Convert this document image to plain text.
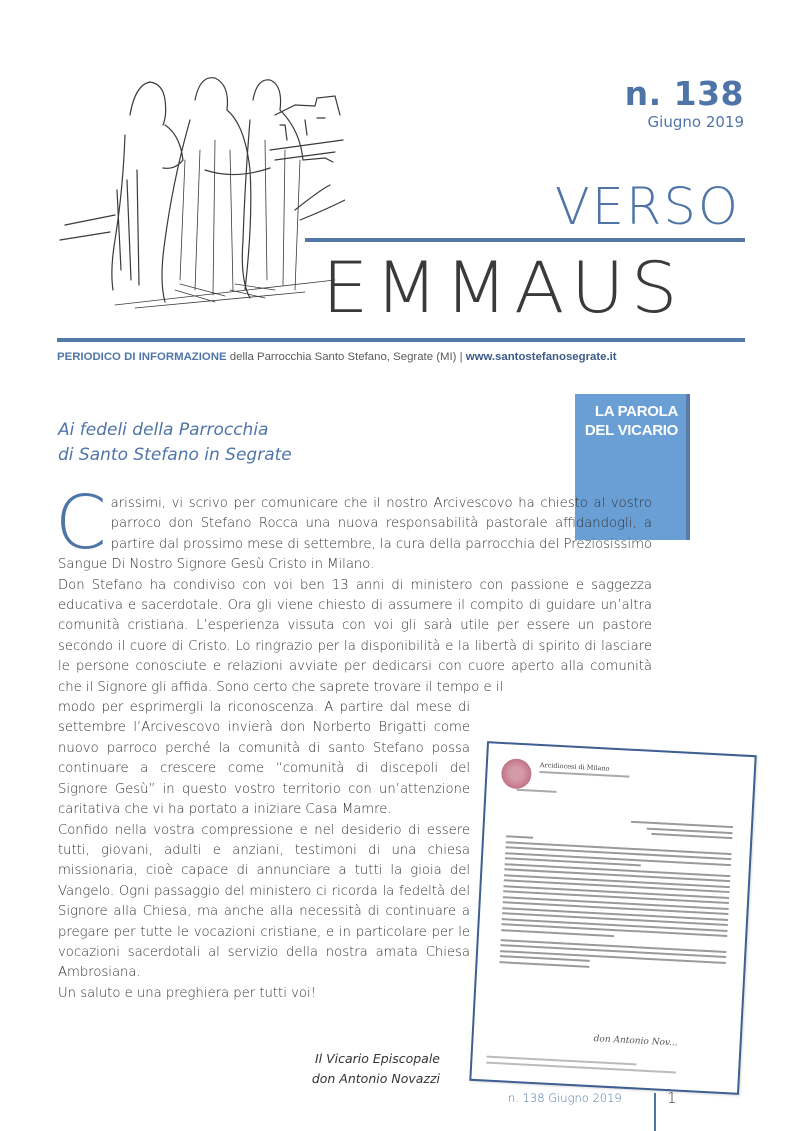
n. 138
Giugno 2019
VERSO
EMMAUS
PERIODICO DI INFORMAZIONE della Parrocchia Santo Stefano, Segrate (MI) | www.santostefanosegrate.it
LA PAROLA
DEL VICARIO
Ai fedeli della Parrocchia
di Santo Stefano in Segrate
C arissimi, vi scrivo per comunicare che il nostro Arcivescovo ha chiesto al vostro parroco don Stefano Rocca una nuova responsabilità pastorale affidandogli, a partire dal prossimo mese di settembre, la cura della parrocchia del Preziosissimo Sangue Di Nostro Signore Gesù Cristo in Milano.

Don Stefano ha condiviso con voi ben 13 anni di ministero con passione e saggezza educativa e sacerdotale. Ora gli viene chiesto di assumere il compito di guidare un’altra comunità cristiana. L’esperienza vissuta con voi gli sarà utile per essere un pastore secondo il cuore di Cristo. Lo ringrazio per la disponibilità e la libertà di spirito di lasciare le persone conosciute e relazioni avviate per dedicarsi con cuore aperto alla comunità che il Signore gli affida. Sono certo che saprete trovare il tempo e il

modo per esprimergli la riconoscenza. A partire dal mese di settembre l’Arcivescovo invierà don Norberto Brigatti come nuovo parroco perché la comunità di santo Stefano possa continuare a crescere come “comunità di discepoli del Signore Gesù” in questo vostro territorio con un’attenzione caritativa che vi ha portato a iniziare Casa Mamre.

Confido nella vostra compressione e nel desiderio di essere tutti, giovani, adulti e anziani, testimoni di una chiesa missionaria, cioè capace di annunciare a tutti la gioia del Vangelo. Ogni passaggio del ministero ci ricorda la fedeltà del Signore alla Chiesa, ma anche alla necessità di continuare a pregare per tutte le vocazioni cristiane, e in particolare per le vocazioni sacerdotali al servizio della nostra amata Chiesa Ambrosiana.

Un saluto e una preghiera per tutti voi!

Il Vicario Episcopale
don Antonio Novazzi
Arcidiocesi di Milano
don Antonio Nov...
n. 138 Giugno 2019	1
